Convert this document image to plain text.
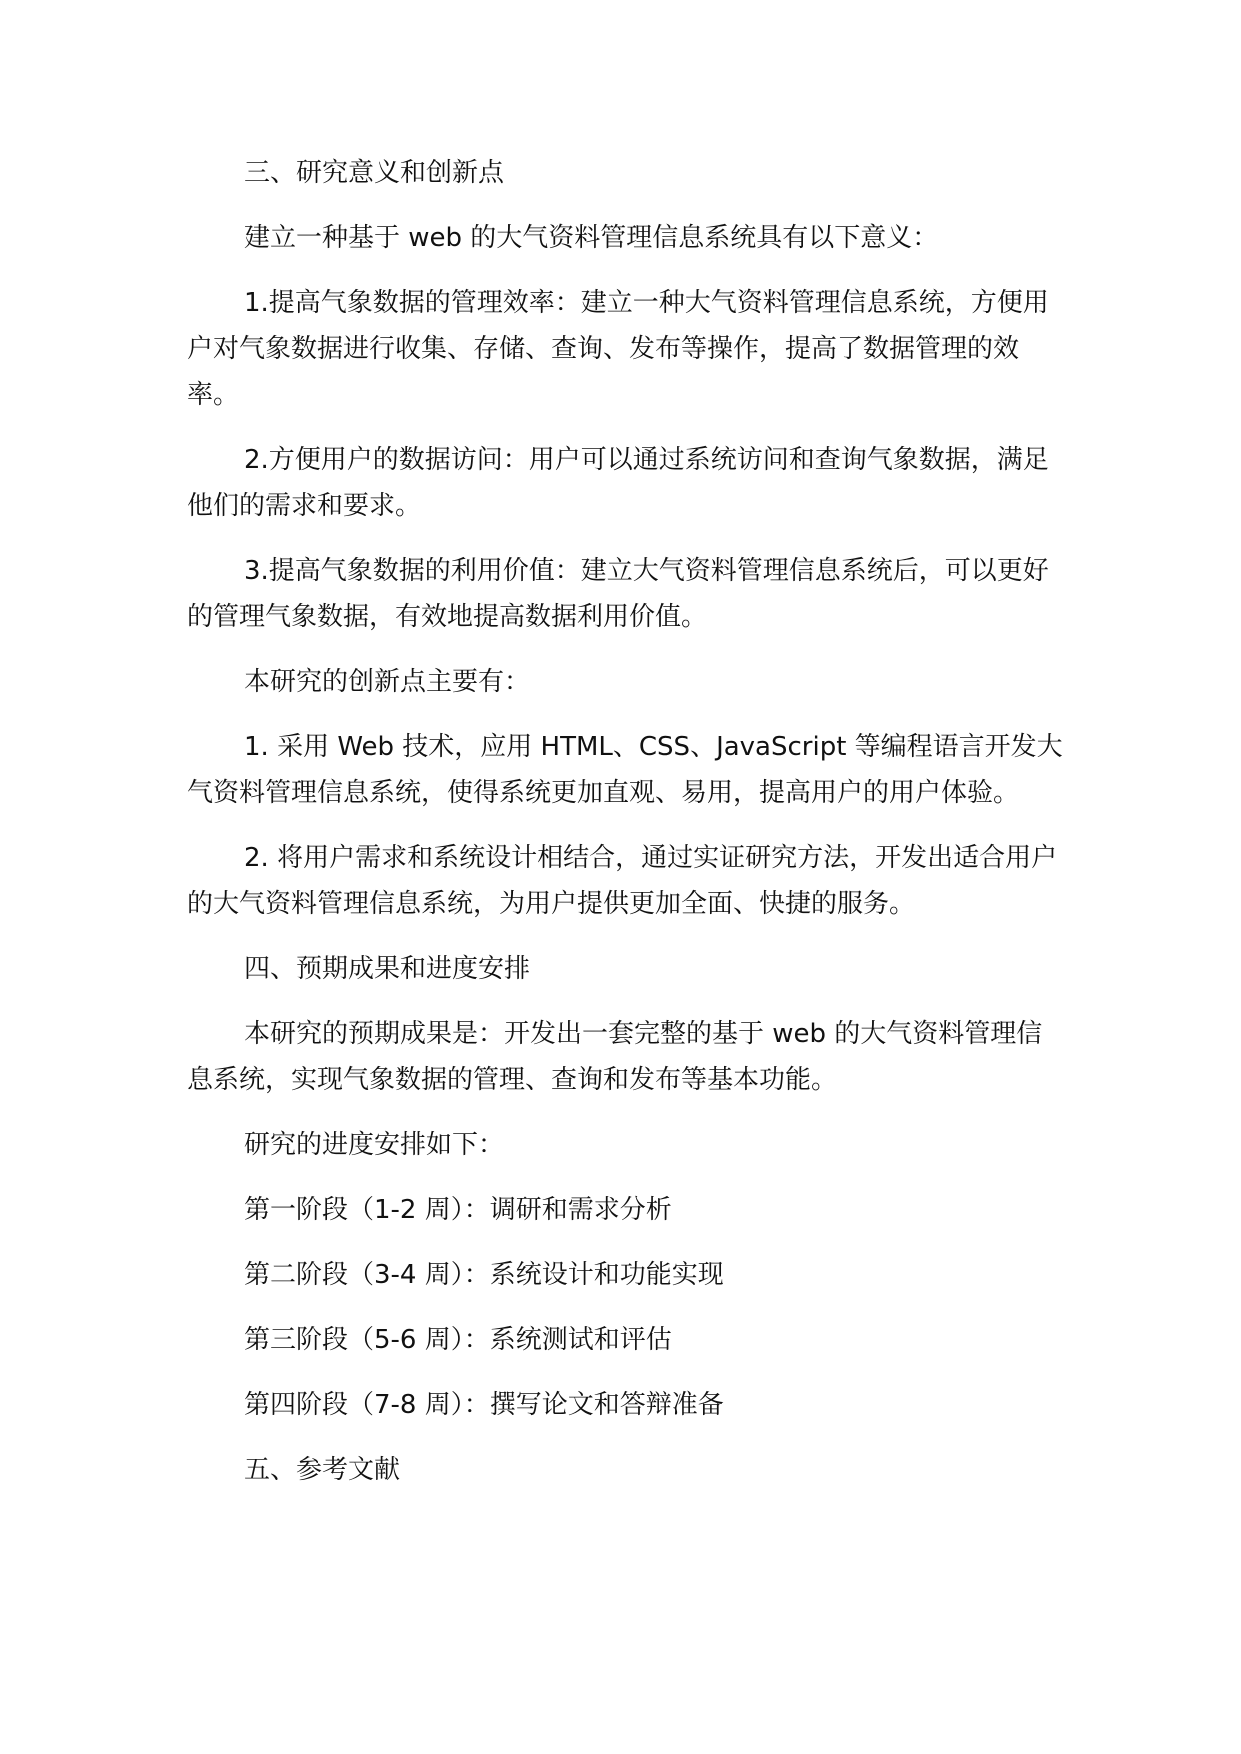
三、研究意义和创新点

建立一种基于 web 的大气资料管理信息系统具有以下意义：

1.提高气象数据的管理效率：建立一种大气资料管理信息系统，方便用户对气象数据进行收集、存储、查询、发布等操作，提高了数据管理的效率。

2.方便用户的数据访问：用户可以通过系统访问和查询气象数据，满足他们的需求和要求。

3.提高气象数据的利用价值：建立大气资料管理信息系统后，可以更好的管理气象数据，有效地提高数据利用价值。

本研究的创新点主要有：

1. 采用 Web 技术，应用 HTML、CSS、JavaScript 等编程语言开发大气资料管理信息系统，使得系统更加直观、易用，提高用户的用户体验。

2. 将用户需求和系统设计相结合，通过实证研究方法，开发出适合用户的大气资料管理信息系统，为用户提供更加全面、快捷的服务。

四、预期成果和进度安排

本研究的预期成果是：开发出一套完整的基于 web 的大气资料管理信息系统，实现气象数据的管理、查询和发布等基本功能。

研究的进度安排如下：

第一阶段（1-2 周）：调研和需求分析

第二阶段（3-4 周）：系统设计和功能实现

第三阶段（5-6 周）：系统测试和评估

第四阶段（7-8 周）：撰写论文和答辩准备

五、参考文献
